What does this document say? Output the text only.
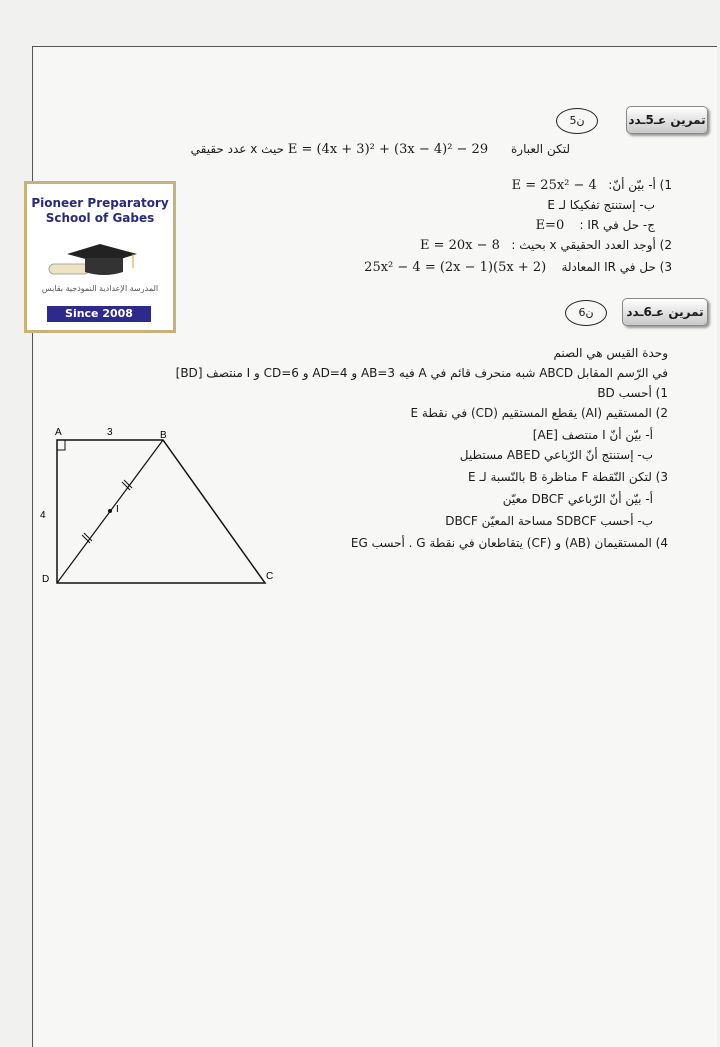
تمرين عـ5ـدد
5ن
لتكن العبارة      E = (4x + 3)² + (3x − 4)² − 29 حيث x عدد حقيقي
1) أ- بيّن أنّ:   E = 25x² − 4
ب- إستنتج تفكيكا لـ E
ج- حل في IR :    E=0
2) أوجد العدد الحقيقي x بحيث :   E = 20x − 8
3) حل في IR المعادلة    25x² − 4 = (2x − 1)(5x + 2)
Pioneer Preparatory
School of Gabes
المدرسة الإعدادية النموذجية بقابس
Since 2008	تمرين عـ6ـدد
6ن
وحدة القيس هي الصنم
في الرّسم المقابل ABCD شبه منحرف قائم في A فيه AB=3 و AD=4 و CD=6 و I منتصف [BD]
1) أحسب BD
2) المستقيم (AI) يقطع المستقيم (CD) في نقطة E
أ- بيّن أنّ I منتصف [AE]
ب- إستنتج أنّ الرّباعي ABED مستطيل
3) لتكن النّقطة F مناظرة B بالنّسبة لـ E
أ- بيّن أنّ الرّباعي DBCF معيّن
ب- أحسب SDBCF مساحة المعيّن DBCF
4) المستقيمان (AB) و (CF) يتقاطعان في نقطة G . أحسب EG
A	B
C
D
I
3
4
